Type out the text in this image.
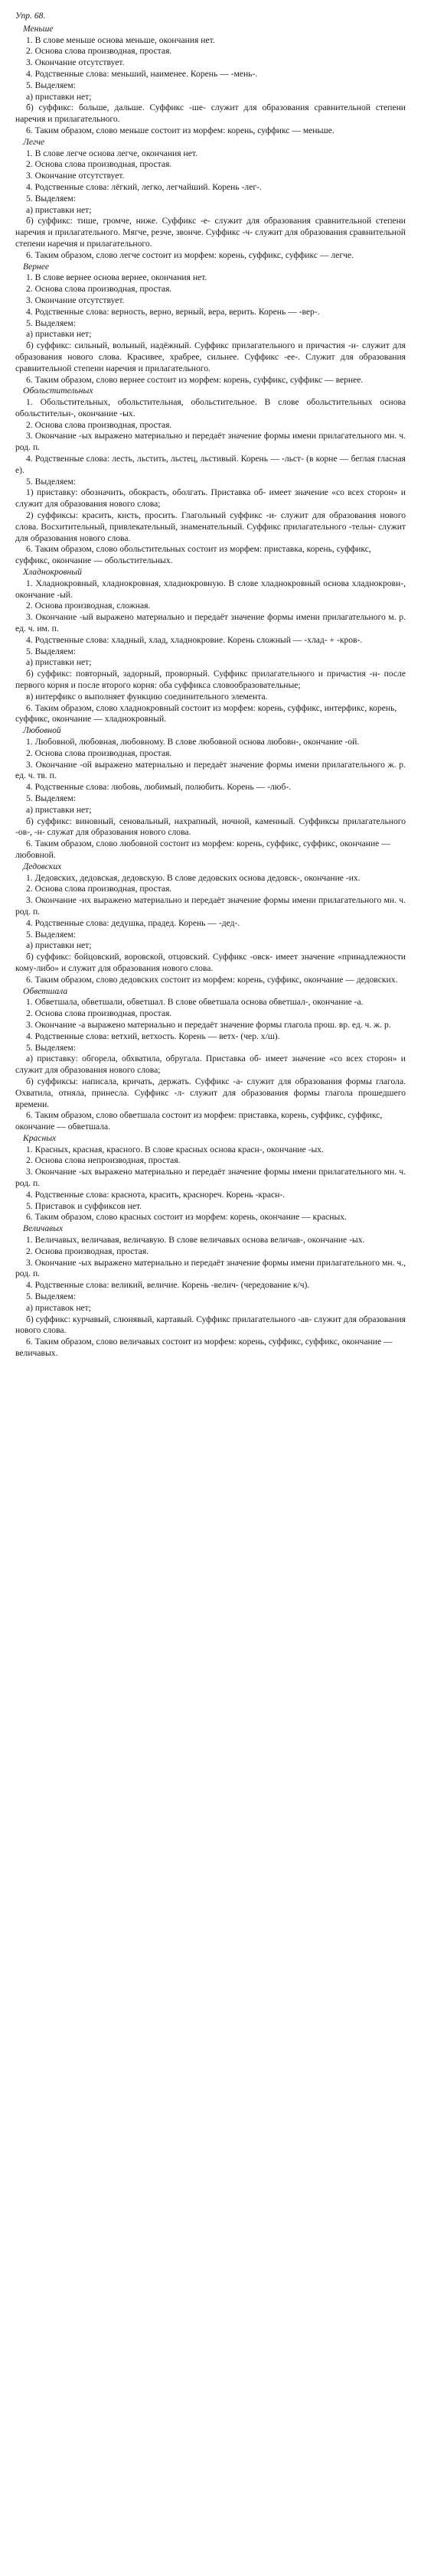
Упр. 68.
Меньше
1. В слове меньше основа меньше, окончания нет.
2. Основа слова производная, простая.
3. Окончание отсутствует.
4. Родственные слова: меньший, наименее. Корень — -мень-.
5. Выделяем:
а) приставки нет;
б) суффикс: больше, дальше. Суффикс -ше- служит для образования сравнительной степени наречия и прилагательного.
6. Таким образом, слово меньше состоит из морфем: корень, суффикс — меньше.
Легче
1. В слове легче основа легче, окончания нет.
2. Основа слова производная, простая.
3. Окончание отсутствует.
4. Родственные слова: лёгкий, легко, легчайший. Корень -лег-.
5. Выделяем:
а) приставки нет;
б) суффикс: тише, громче, ниже. Суффикс -е- служит для образования сравнительной степени наречия и прилагательного. Мягче, резче, звонче. Суффикс -ч- служит для образования сравнительной степени наречия и прилагательного.
6. Таким образом, слово легче состоит из морфем: корень, суффикс, суффикс — легче.
Вернее
1. В слове вернее основа вернее, окончания нет.
2. Основа слова производная, простая.
3. Окончание отсутствует.
4. Родственные слова: верность, верно, верный, вера, верить. Корень — -вер-.
5. Выделяем:
а) приставки нет;
б) суффикс: сильный, вольный, надёжный. Суффикс прилагательного и причастия -н- служит для образования нового слова. Красивее, храбрее, сильнее. Суффикс -ее-. Служит для образования сравнительной степени наречия и прилагательного.
6. Таким образом, слово вернее состоит из морфем: корень, суффикс, суффикс — вернее.
Обольстительных
1. Обольстительных, обольстительная, обольстительное. В слове обольстительных основа обольстительн-, окончание -ых.
2. Основа слова производная, простая.
3. Окончание -ых выражено материально и передаёт значение формы имени прилагательного мн. ч. род. п.
4. Родственные слова: лесть, льстить, льстец, льстивый. Корень — -льст- (в корне — беглая гласная е).
5. Выделяем:
1) приставку: обозначить, обокрасть, оболгать. Приставка об- имеет значение «со всех сторон» и служит для образования нового слова;
2) суффиксы: красить, кисть, просить. Глагольный суффикс -и- служит для образования нового слова. Восхитительный, привлекательный, знаменательный. Суффикс прилагательного -тельн- служит для образования нового слова.
6. Таким образом, слово обольстительных состоит из морфем: приставка, корень, суффикс, суффикс, окончание — обольстительных.
Хладнокровный
1. Хладнокровный, хладнокровная, хладнокровную. В слове хладнокровный основа хладнокровн-, окончание -ый.
2. Основа производная, сложная.
3. Окончание -ый выражено материально и передаёт значение формы имени прилагательного м. р. ед. ч. им. п.
4. Родственные слова: хладный, хлад, хладнокровие. Корень сложный — -хлад- + -кров-.
5. Выделяем:
а) приставки нет;
б) суффикс: повторный, задорный, проворный. Суффикс прилагательного и причастия -н- после первого корня и после второго корня: оба суффикса словообразовательные;
в) интерфикс о выполняет функцию соединительного элемента.
6. Таким образом, слово хладнокровный состоит из морфем: корень, суффикс, интерфикс, корень, суффикс, окончание — хладнокровный.
Любовной
1. Любовной, любовная, любовному. В слове любовной основа любовн-, окончание -ой.
2. Основа слова производная, простая.
3. Окончание -ой выражено материально и передаёт значение формы имени прилагательного ж. р. ед. ч. тв. п.
4. Родственные слова: любовь, любимый, полюбить. Корень — -люб-.
5. Выделяем:
а) приставки нет;
б) суффикс: виновный, сеновальный, нахрапный, ночной, каменный. Суффиксы прилагательного -ов-, -н- служат для образования нового слова.
6. Таким образом, слово любовной состоит из морфем: корень, суффикс, суффикс, окончание — любовной.
Дедовских
1. Дедовских, дедовская, дедовскую. В слове дедовских основа дедовск-, окончание -их.
2. Основа слова производная, простая.
3. Окончание -их выражено материально и передаёт значение формы имени прилагательного мн. ч. род. п.
4. Родственные слова: дедушка, прадед. Корень — -дед-.
5. Выделяем:
а) приставки нет;
б) суффикс: бойцовский, воровской, отцовский. Суффикс -овск- имеет значение «принадлежности кому-либо» и служит для образования нового слова.
6. Таким образом, слово дедовских состоит из морфем: корень, суффикс, окончание — дедовских.
Обветшала
1. Обветшала, обветшали, обветшал. В слове обветшала основа обветшал-, окончание -а.
2. Основа слова производная, простая.
3. Окончание -а выражено материально и передаёт значение формы глагола прош. вр. ед. ч. ж. р.
4. Родственные слова: ветхий, ветхость. Корень — ветх- (чеp. х/ш).
5. Выделяем:
а) приставку: обгорела, обхватила, обругала. Приставка об- имеет значение «со всех сторон» и служит для образования нового слова;
б) суффиксы: написала, кричать, держать. Суффикс -а- служит для образования формы глагола. Охватила, отняла, принесла. Суффикс -л- служит для образования формы глагола прошедшего времени.
6. Таким образом, слово обветшала состоит из морфем: приставка, корень, суффикс, суффикс, окончание — обветшала.
Красных
1. Красных, красная, красного. В слове красных основа красн-, окончание -ых.
2. Основа слова непроизводная, простая.
3. Окончание -ых выражено материально и передаёт значение формы имени прилагательного мн. ч. род. п.
4. Родственные слова: краснота, красить, краснореч. Корень -красн-.
5. Приставок и суффиксов нет.
6. Таким образом, слово красных состоит из морфем: корень, окончание — красных.
Величавых
1. Величавых, величавая, величавую. В слове величавых основа величав-, окончание -ых.
2. Основа производная, простая.
3. Окончание -ых выражено материально и передаёт значение формы имени прилагательного мн. ч., род. п.
4. Родственные слова: великий, величие. Корень -велич- (чередование к/ч).
5. Выделяем:
а) приставок нет;
б) суффикс: курчавый, слюнявый, картавый. Суффикс прилагательного -ав- служит для образования нового слова.
6. Таким образом, слово величавых состоит из морфем: корень, суффикс, суффикс, окончание — величавых.
